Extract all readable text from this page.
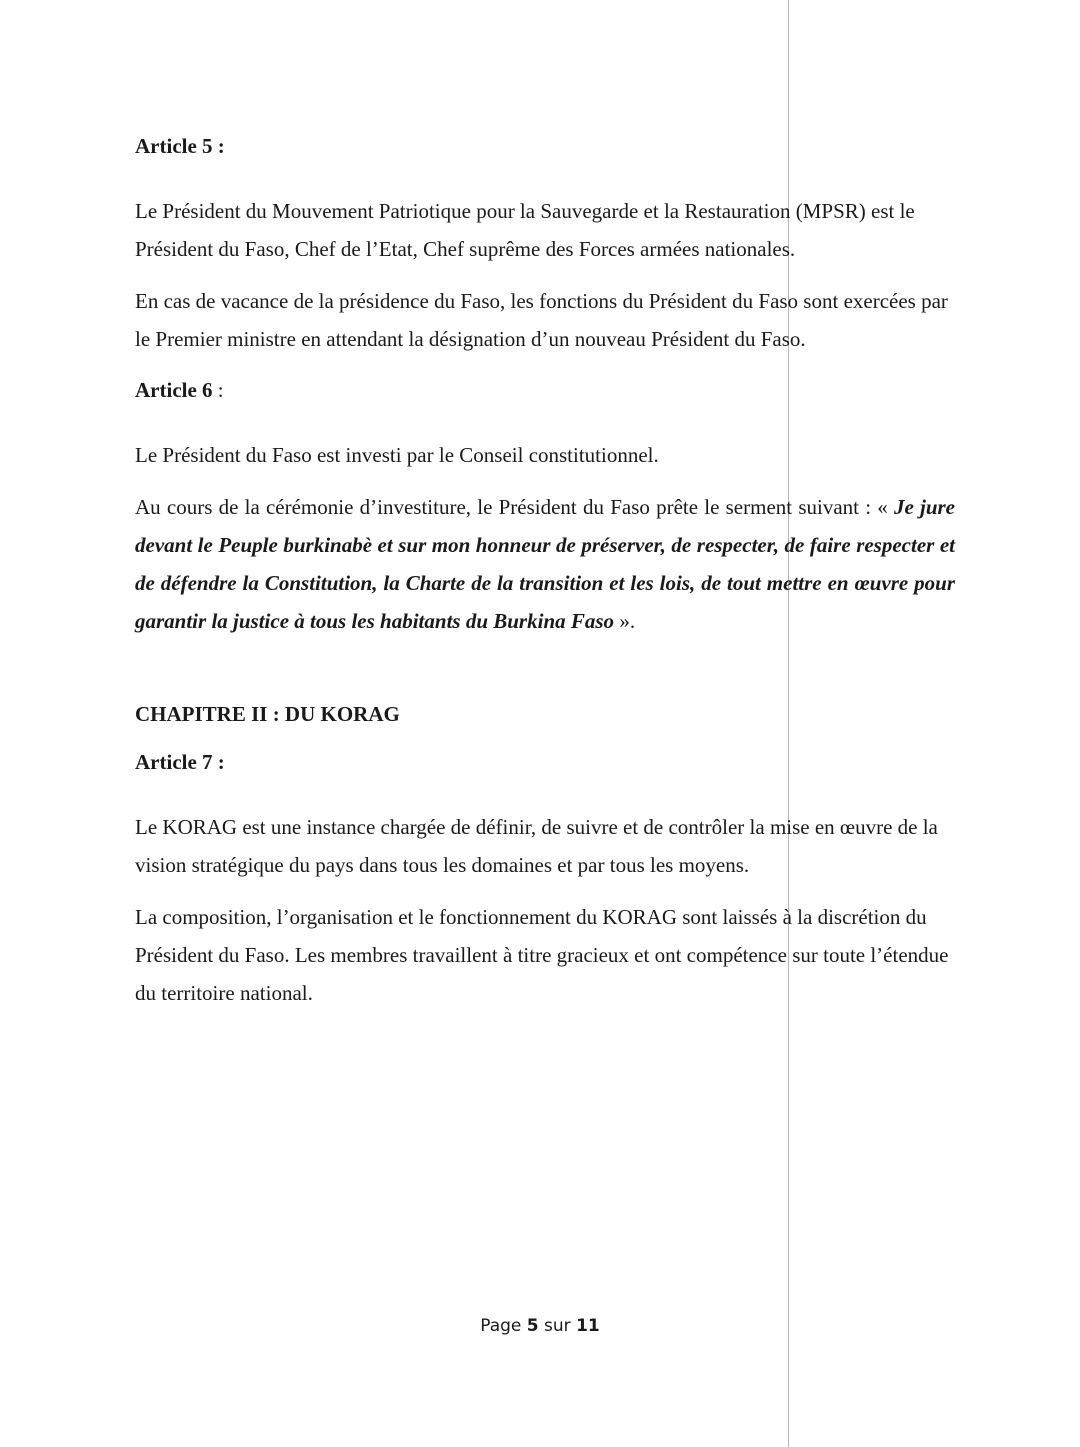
Article 5 :

Le Président du Mouvement Patriotique pour la Sauvegarde et la Restauration (MPSR) est le Président du Faso, Chef de l’Etat, Chef suprême des Forces armées nationales.

En cas de vacance de la présidence du Faso, les fonctions du Président du Faso sont exercées par le Premier ministre en attendant la désignation d’un nouveau Président du Faso.

Article 6 :

Le Président du Faso est investi par le Conseil constitutionnel.

Au cours de la cérémonie d’investiture, le Président du Faso prête le serment suivant : « Je jure devant le Peuple burkinabè et sur mon honneur de préserver, de respecter, de faire respecter et de défendre la Constitution, la Charte de la transition et les lois, de tout mettre en œuvre pour garantir la justice à tous les habitants du Burkina Faso ».

CHAPITRE II : DU KORAG
Article 7 :

Le KORAG est une instance chargée de définir, de suivre et de contrôler la mise en œuvre de la vision stratégique du pays dans tous les domaines et par tous les moyens.

La composition, l’organisation et le fonctionnement du KORAG sont laissés à la discrétion du Président du Faso. Les membres travaillent à titre gracieux et ont compétence sur toute l’étendue du territoire national.

Page 5 sur 11
